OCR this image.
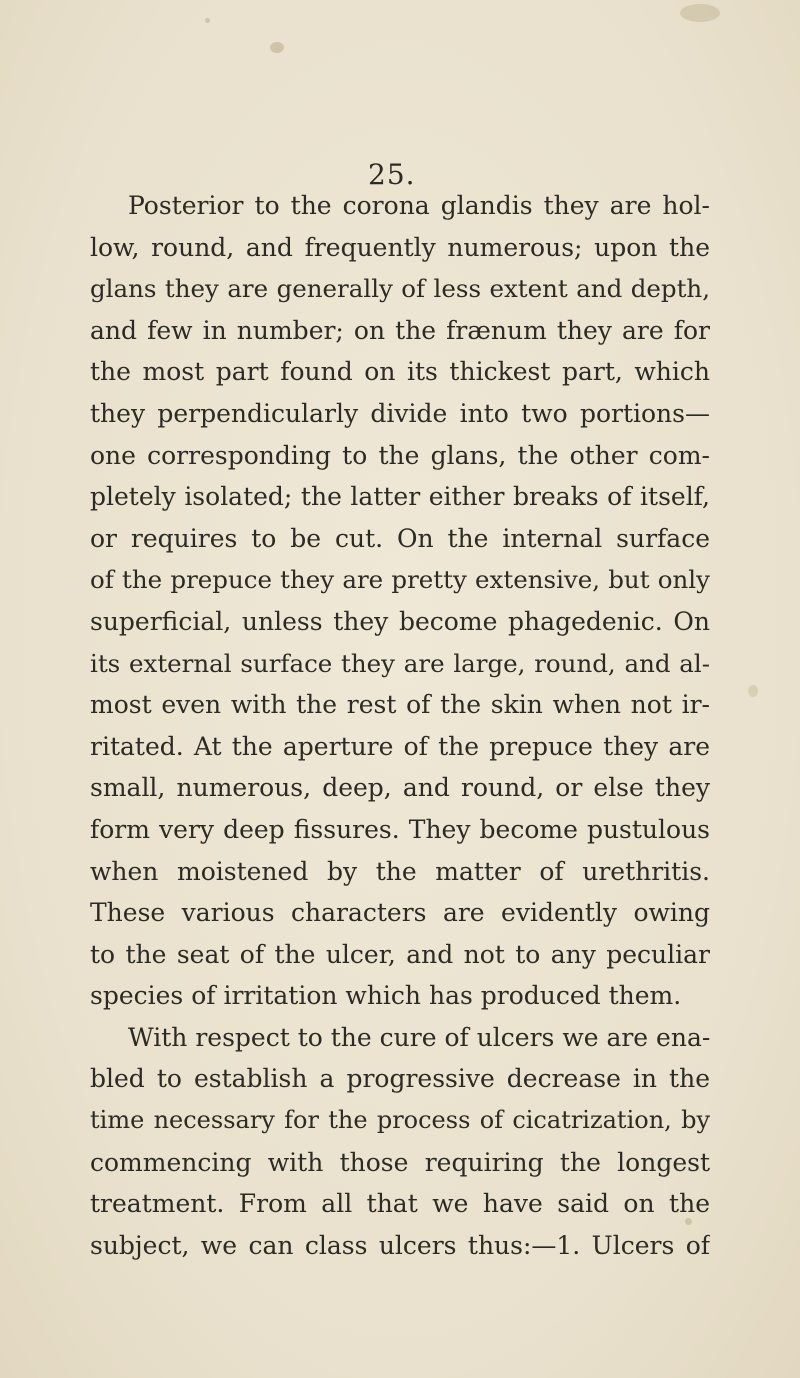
25.
Posterior to the corona glandis they are hol-
low, round, and frequently numerous; upon the
glans they are generally of less extent and depth,
and few in number; on the frænum they are for
the most part found on its thickest part, which
they perpendicularly divide into two portions—
one corresponding to the glans, the other com-
pletely isolated; the latter either breaks of itself,
or requires to be cut. On the internal surface
of the prepuce they are pretty extensive, but only
superficial, unless they become phagedenic. On
its external surface they are large, round, and al-
most even with the rest of the skin when not ir-
ritated. At the aperture of the prepuce they are
small, numerous, deep, and round, or else they
form very deep fissures. They become pustulous
when moistened by the matter of urethritis.
These various characters are evidently owing
to the seat of the ulcer, and not to any peculiar
species of irritation which has produced them.
With respect to the cure of ulcers we are ena-
bled to establish a progressive decrease in the
time necessary for the process of cicatrization, by
commencing with those requiring the longest
treatment. From all that we have said on the
subject, we can class ulcers thus:—1. Ulcers of
